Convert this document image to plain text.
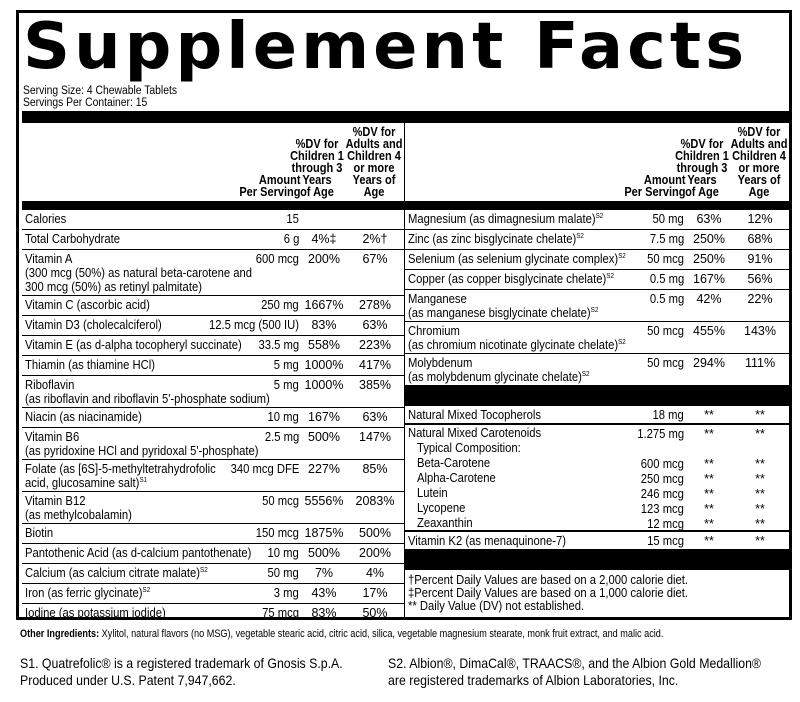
Supplement Facts
Serving Size: 4 Chewable Tablets
Servings Per Container: 15
Amount
Per Serving
%DV for
Children 1
through 3
Years
of Age
%DV for
Adults and
Children 4
or more
Years of Age
Calories	15
Total Carbohydrate	6 g 4%‡	2%†
Vitamin A
(300 mcg (50%) as natural beta-carotene and
300 mcg (50%) as retinyl palmitate)
600 mcg 200%	67%
Vitamin C (ascorbic acid)	250 mg 1667%	278%
Vitamin D3 (cholecalciferol)	12.5 mcg (500 IU) 83%	63%
Vitamin E (as d-alpha tocopheryl succinate)	33.5 mg 558%	223%
Thiamin (as thiamine HCl)	5 mg 1000%	417%
Riboflavin
(as riboflavin and riboflavin 5'-phosphate sodium)
5 mg 1000%	385%
Niacin (as niacinamide)	10 mg 167%	63%
Vitamin B6
(as pyridoxine HCl and pyridoxal 5'-phosphate)
2.5 mg 500%	147%
Folate (as [6S]-5-methyltetrahydrofolic
acid, glucosamine salt)$^{S1}$
340 mcg DFE 227%	85%
Vitamin B12
(as methylcobalamin)
50 mcg 5556% 2083%
Biotin	150 mcg 1875%	500%
Pantothenic Acid (as d-calcium pantothenate)	10 mg 500%	200%
Calcium (as calcium citrate malate)$^{S2}$	50 mg	7%	4%
Iron (as ferric glycinate)$^{S2}$	3 mg 43%	17%
Iodine (as potassium iodide)	75 mcg 83%	50%
Amount
Per Serving
%DV for
Children 1
through 3
Years
of Age
%DV for
Adults and
Children 4
or more
Years of Age
Magnesium (as dimagnesium malate)$^{S2}$	50 mg 63%	12%
Zinc (as zinc bisglycinate chelate)$^{S2}$	7.5 mg 250%	68%
Selenium (as selenium glycinate complex)$^{S2}$	50 mcg 250%	91%
Copper (as copper bisglycinate chelate)$^{S2}$	0.5 mg 167%	56%
Manganese
(as manganese bisglycinate chelate)$^{S2}$
0.5 mg 42%	22%
Chromium
(as chromium nicotinate glycinate chelate)$^{S2}$
50 mcg 455%	143%
Molybdenum
(as molybdenum glycinate chelate)$^{S2}$
50 mcg 294%	111%
Natural Mixed Tocopherols	18 mg	**	**
Natural Mixed Carotenoids	1.275 mg	**	**
Typical Composition:
Beta-Carotene	600 mcg	**	**
Alpha-Carotene	250 mcg	**	**
Lutein	246 mcg	**	**
Lycopene	123 mcg	**	**
Zeaxanthin	12 mcg	**	**
Vitamin K2 (as menaquinone-7)	15 mcg	**	**
†Percent Daily Values are based on a 2,000 calorie diet.
‡Percent Daily Values are based on a 1,000 calorie diet.
** Daily Value (DV) not established.
Other Ingredients: Xylitol, natural flavors (no MSG), vegetable stearic acid, citric acid, silica, vegetable magnesium stearate, monk fruit extract, and malic acid.
S1. Quatrefolic® is a registered trademark of Gnosis S.p.A.
Produced under U.S. Patent 7,947,662.
S2. Albion®, DimaCal®, TRAACS®, and the Albion Gold Medallion®
are registered trademarks of Albion Laboratories, Inc.
